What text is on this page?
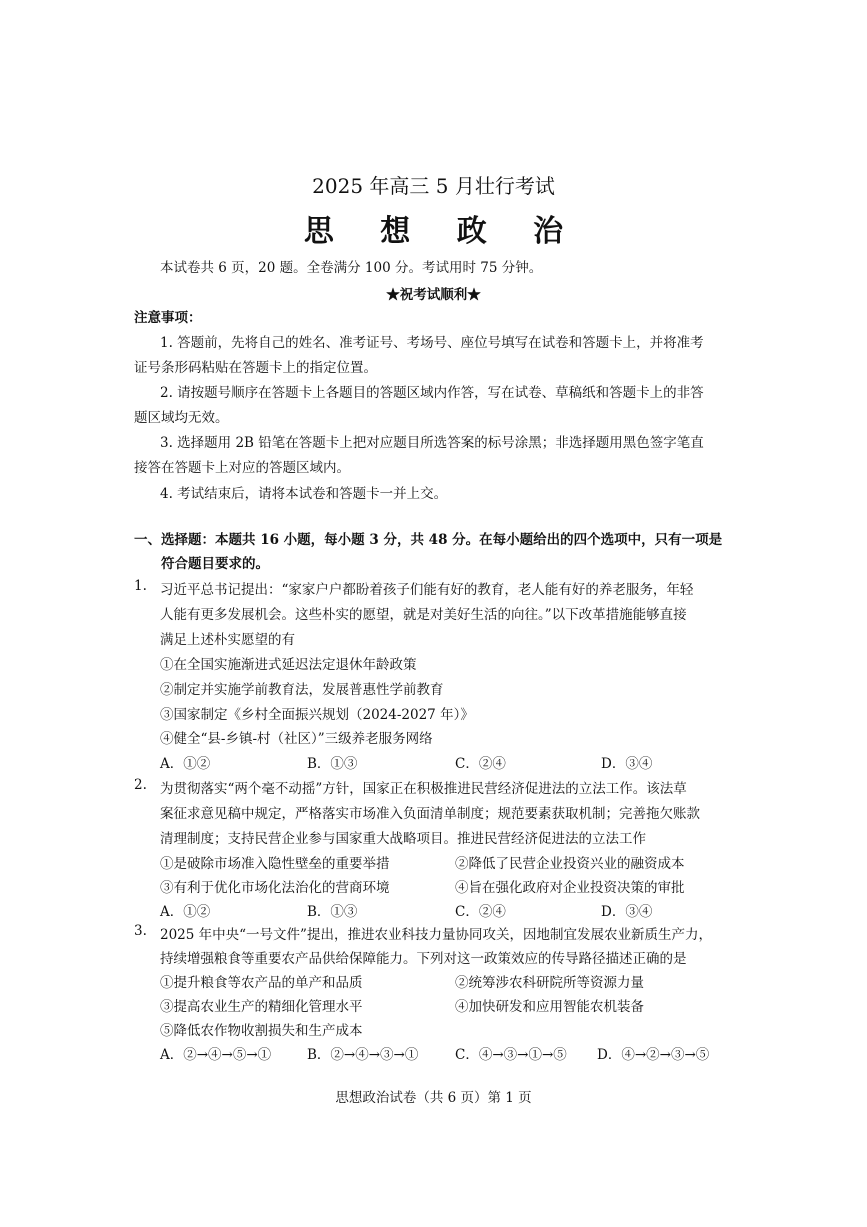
2025 年高三 5 月壮行考试
思 想 政 治
本试卷共 6 页，20 题。全卷满分 100 分。考试用时 75 分钟。
★祝考试顺利★
注意事项：
1. 答题前，先将自己的姓名、准考证号、考场号、座位号填写在试卷和答题卡上，并将准考
证号条形码粘贴在答题卡上的指定位置。
2. 请按题号顺序在答题卡上各题目的答题区域内作答，写在试卷、草稿纸和答题卡上的非答
题区域均无效。
3. 选择题用 2B 铅笔在答题卡上把对应题目所选答案的标号涂黑；非选择题用黑色签字笔直
接答在答题卡上对应的答题区域内。
4. 考试结束后，请将本试卷和答题卡一并上交。
一、选择题：本题共 16 小题，每小题 3 分，共 48 分。在每小题给出的四个选项中，只有一项是
符合题目要求的。
1. 习近平总书记提出：“家家户户都盼着孩子们能有好的教育，老人能有好的养老服务，年轻
人能有更多发展机会。这些朴实的愿望，就是对美好生活的向往。”以下改革措施能够直接
满足上述朴实愿望的有
①在全国实施渐进式延迟法定退休年龄政策
②制定并实施学前教育法，发展普惠性学前教育
③国家制定《乡村全面振兴规划（2024-2027 年）》
④健全“县-乡镇-村（社区）”三级养老服务网络
A．①②	B．①③	C．②④	D．③④
2. 为贯彻落实“两个毫不动摇”方针，国家正在积极推进民营经济促进法的立法工作。该法草
案征求意见稿中规定，严格落实市场准入负面清单制度；规范要素获取机制；完善拖欠账款
清理制度；支持民营企业参与国家重大战略项目。推进民营经济促进法的立法工作
①是破除市场准入隐性壁垒的重要举措	②降低了民营企业投资兴业的融资成本
③有利于优化市场化法治化的营商环境	④旨在强化政府对企业投资决策的审批
A．①②	B．①③	C．②④	D．③④
3. 2025 年中央“一号文件”提出，推进农业科技力量协同攻关，因地制宜发展农业新质生产力，
持续增强粮食等重要农产品供给保障能力。下列对这一政策效应的传导路径描述正确的是
①提升粮食等农产品的单产和品质	②统筹涉农科研院所等资源力量
③提高农业生产的精细化管理水平	④加快研发和应用智能农机装备
⑤降低农作物收割损失和生产成本
A．②→④→⑤→①	B．②→④→③→①	C．④→③→①→⑤ D．④→②→③→⑤
思想政治试卷（共 6 页）第 1 页
